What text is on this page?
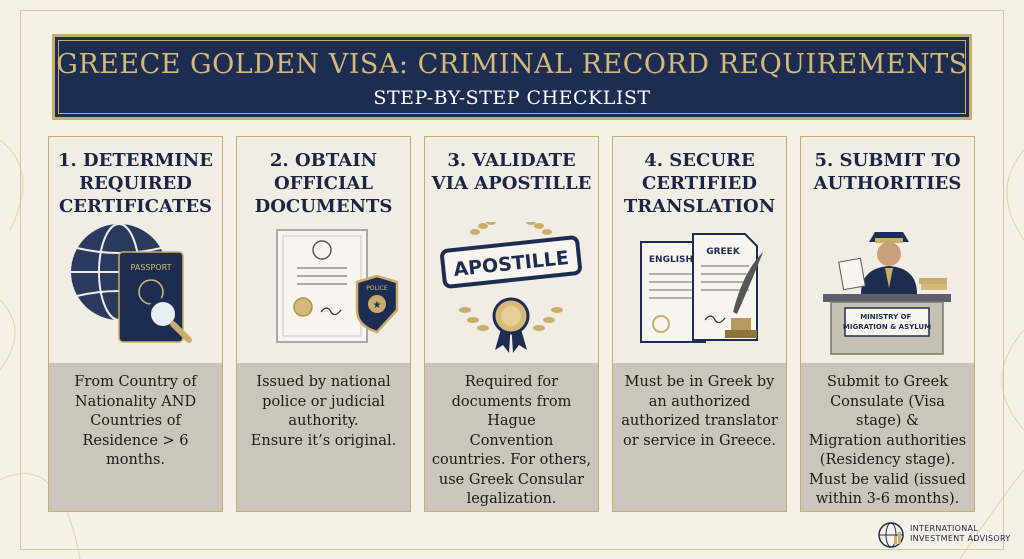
GREECE GOLDEN VISA: CRIMINAL RECORD REQUIREMENTS
STEP-BY-STEP CHECKLIST
1. DETERMINE
REQUIRED
CERTIFICATES
PASSPORT
From Country of
Nationality AND
Countries of
Residence > 6 months.
2. OBTAIN
OFFICIAL
DOCUMENTS
POLICE
★
Issued by national
police or judicial
authority.
Ensure it’s original.
3. VALIDATE
VIA APOSTILLE
APOSTILLE
Required for
documents from
Hague
Convention
countries. For others,
use Greek Consular
legalization.
4. SECURE
CERTIFIED
TRANSLATION
ENGLISH
GREEK
Must be in Greek by
an authorized
authorized translator
or service in Greece.
5. SUBMIT TO
AUTHORITIES
MINISTRY OF MIGRATION & ASYLUM
Submit to Greek
Consulate (Visa
stage) &
Migration authorities
(Residency stage).
Must be valid (issued
within 3-6 months).
INTERNATIONAL
INVESTMENT ADVISORY
